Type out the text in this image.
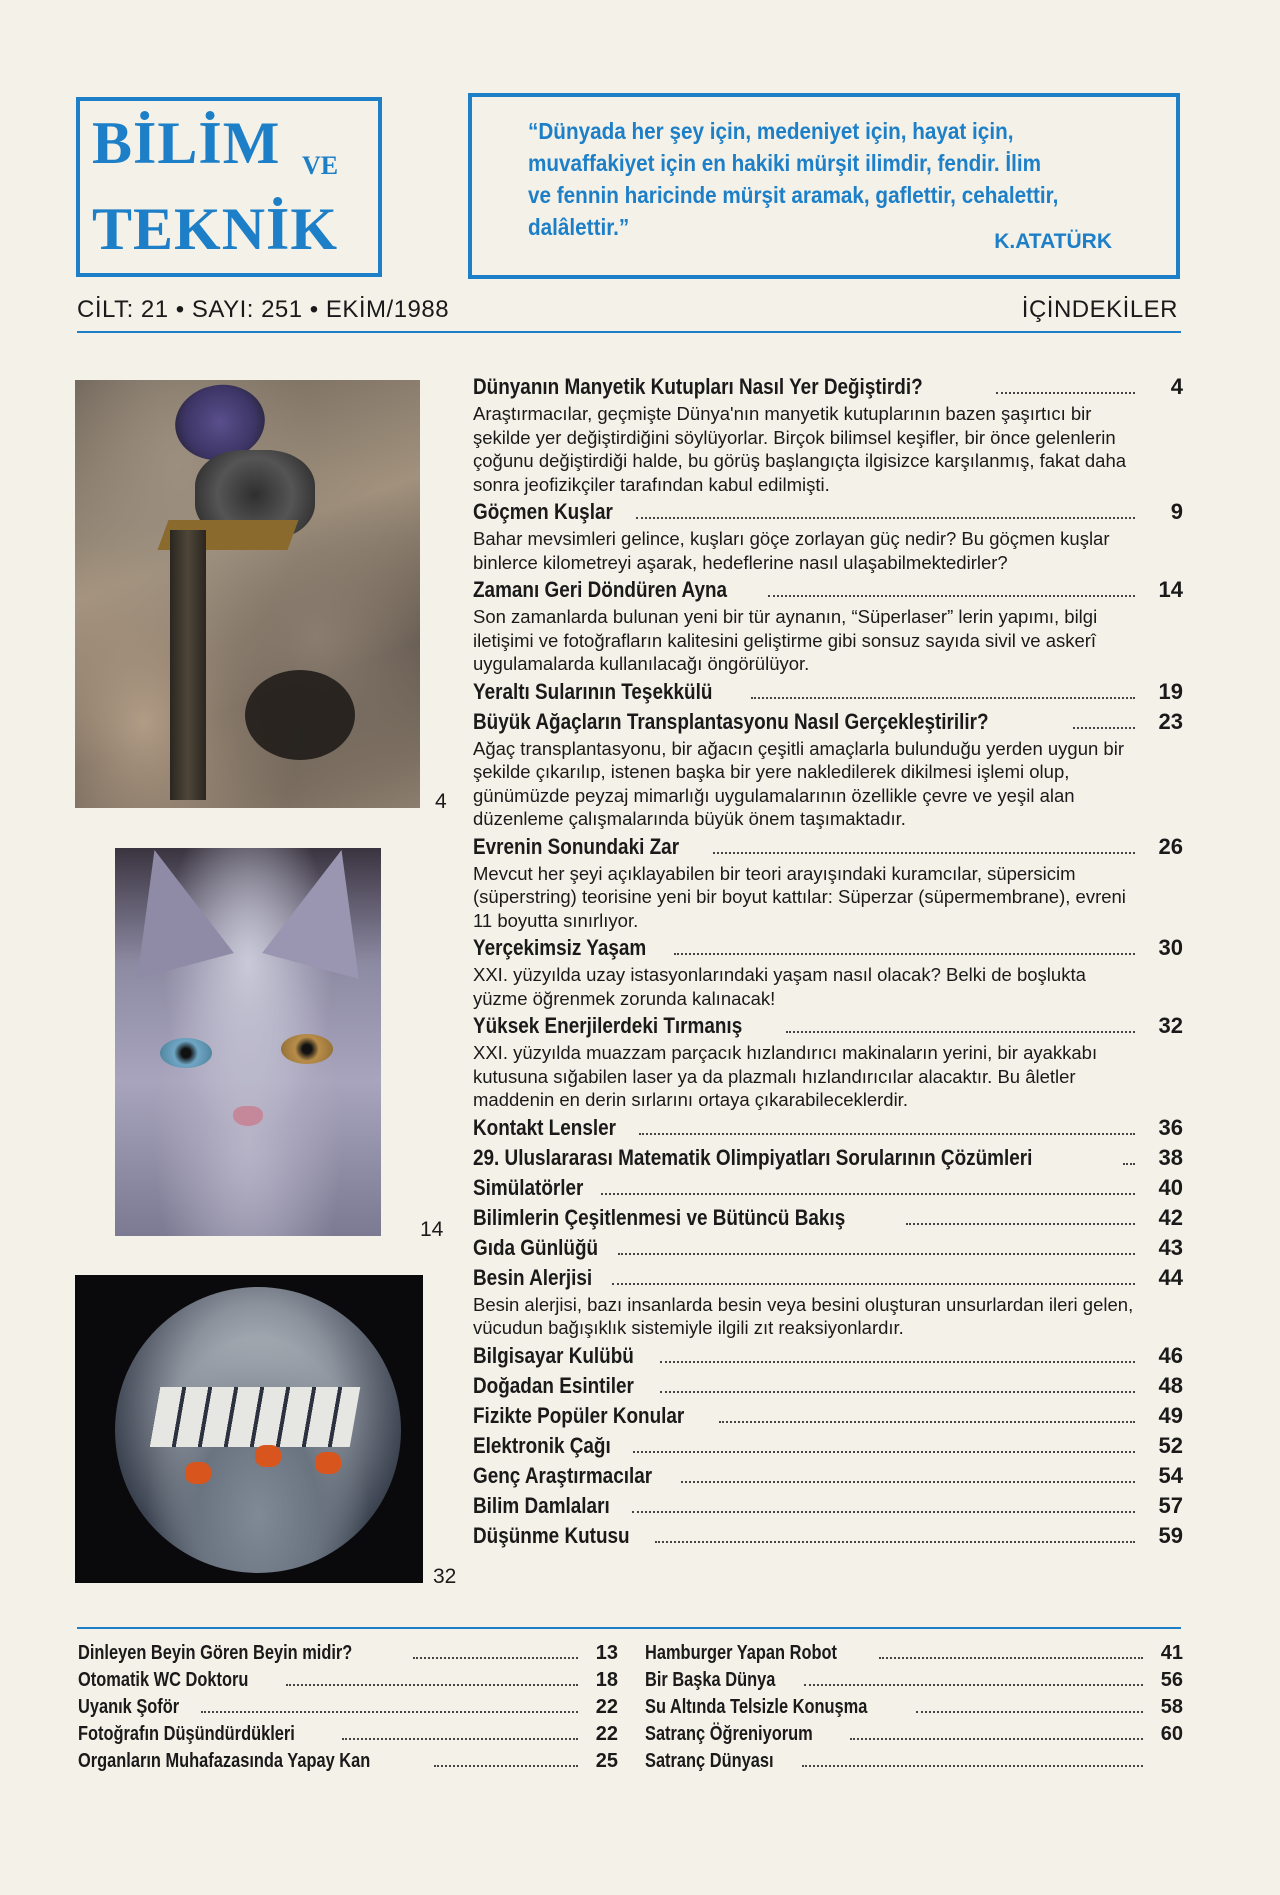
BİLİM VE
TEKNİK
“Dünyada her şey için, medeniyet için, hayat için, muvaffakiyet için en hakiki mürşit ilimdir, fendir. İlim ve fennin haricinde mürşit aramak, gaflettir, cehalettir, dalâlettir.”
K.ATATÜRK
CİLT: 21 • SAYI: 251 • EKİM/1988	İÇİNDEKİLER
4
14
32
Dünyanın Manyetik Kutupları Nasıl Yer Değiştirdi?	4
Araştırmacılar, geçmişte Dünya'nın manyetik kutuplarının bazen şaşırtıcı bir şekilde yer değiştirdiğini söylüyorlar. Birçok bilimsel keşifler, bir önce gelenlerin çoğunu değiştirdiği halde, bu görüş başlangıçta ilgisizce karşılanmış, fakat daha sonra jeofizikçiler tarafından kabul edilmişti.
Göçmen Kuşlar	9
Bahar mevsimleri gelince, kuşları göçe zorlayan güç nedir? Bu göçmen kuşlar binlerce kilometreyi aşarak, hedeflerine nasıl ulaşabilmektedirler?
Zamanı Geri Döndüren Ayna	14
Son zamanlarda bulunan yeni bir tür aynanın, “Süperlaser” lerin yapımı, bilgi iletişimi ve fotoğrafların kalitesini geliştirme gibi sonsuz sayıda sivil ve askerî uygulamalarda kullanılacağı öngörülüyor.
Yeraltı Sularının Teşekkülü	19
Büyük Ağaçların Transplantasyonu Nasıl Gerçekleştirilir?	23
Ağaç transplantasyonu, bir ağacın çeşitli amaçlarla bulunduğu yerden uygun bir şekilde çıkarılıp, istenen başka bir yere nakledilerek dikilmesi işlemi olup, günümüzde peyzaj mimarlığı uygulamalarının özellikle çevre ve yeşil alan düzenleme çalışmalarında büyük önem taşımaktadır.
Evrenin Sonundaki Zar	26
Mevcut her şeyi açıklayabilen bir teori arayışındaki kuramcılar, süpersicim (süperstring) teorisine yeni bir boyut kattılar: Süperzar (süpermembrane), evreni 11 boyutta sınırlıyor.
Yerçekimsiz Yaşam	30
XXI. yüzyılda uzay istasyonlarındaki yaşam nasıl olacak? Belki de boşlukta yüzme öğrenmek zorunda kalınacak!
Yüksek Enerjilerdeki Tırmanış	32
XXI. yüzyılda muazzam parçacık hızlandırıcı makinaların yerini, bir ayakkabı kutusuna sığabilen laser ya da plazmalı hızlandırıcılar alacaktır. Bu âletler maddenin en derin sırlarını ortaya çıkarabileceklerdir.
Kontakt Lensler	36
29. Uluslararası Matematik Olimpiyatları Sorularının Çözümleri	38
Simülatörler	40
Bilimlerin Çeşitlenmesi ve Bütüncü Bakış	42
Gıda Günlüğü	43
Besin Alerjisi	44
Besin alerjisi, bazı insanlarda besin veya besini oluşturan unsurlardan ileri gelen, vücudun bağışıklık sistemiyle ilgili zıt reaksiyonlardır.
Bilgisayar Kulübü	46
Doğadan Esintiler	48
Fizikte Popüler Konular	49
Elektronik Çağı	52
Genç Araştırmacılar	54
Bilim Damlaları	57
Düşünme Kutusu	59
Dinleyen Beyin Gören Beyin midir?	13
Otomatik WC Doktoru	18
Uyanık Şoför	22
Fotoğrafın Düşündürdükleri	22
Organların Muhafazasında Yapay Kan	25
Hamburger Yapan Robot	41
Bir Başka Dünya	56
Su Altında Telsizle Konuşma	58
Satranç Öğreniyorum	60
Satranç Dünyası
